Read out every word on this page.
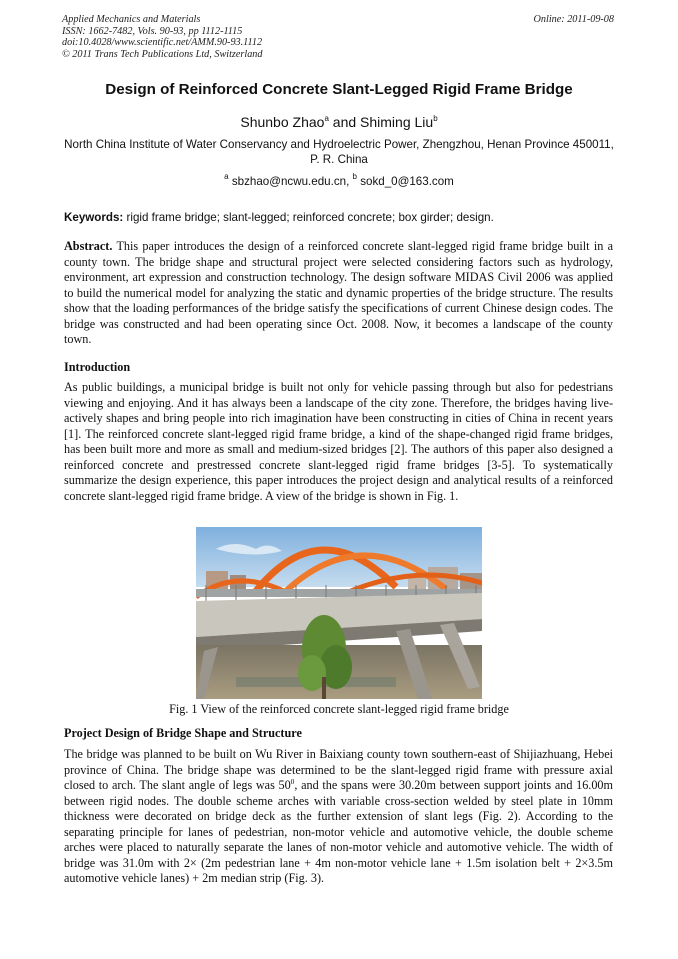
Applied Mechanics and Materials
ISSN: 1662-7482, Vols. 90-93, pp 1112-1115
doi:10.4028/www.scientific.net/AMM.90-93.1112
© 2011 Trans Tech Publications Ltd, Switzerland
Online: 2011-09-08
Design of Reinforced Concrete Slant-Legged Rigid Frame Bridge
Shunbo Zhao$^a$ and Shiming Liu$^b$
North China Institute of Water Conservancy and Hydroelectric Power, Zhengzhou, Henan Province 450011, P. R. China
$^a$ sbzhao@ncwu.edu.cn, $^b$ sokd_0@163.com
Keywords: rigid frame bridge; slant-legged; reinforced concrete; box girder; design.

Abstract. This paper introduces the design of a reinforced concrete slant-legged rigid frame bridge built in a county town. The bridge shape and structural project were selected considering factors such as hydrology, environment, art expression and construction technology. The design software MIDAS Civil 2006 was applied to build the numerical model for analyzing the static and dynamic properties of the bridge structure. The results show that the loading performances of the bridge satisfy the specifications of current Chinese design codes. The bridge was constructed and had been operating since Oct. 2008. Now, it becomes a landscape of the county town.

Introduction

As public buildings, a municipal bridge is built not only for vehicle passing through but also for pedestrians viewing and enjoying. And it has always been a landscape of the city zone. Therefore, the bridges having live-actively shapes and bring people into rich imagination have been constructing in cities of China in recent years [1]. The reinforced concrete slant-legged rigid frame bridge, a kind of the shape-changed rigid frame bridges, has been built more and more as small and medium-sized bridges [2]. The authors of this paper also designed a reinforced concrete and prestressed concrete slant-legged rigid frame bridges [3-5]. To systematically summarize the design experience, this paper introduces the project design and analytical results of a reinforced concrete slant-legged rigid frame bridge. A view of the bridge is shown in Fig. 1.

Fig. 1 View of the reinforced concrete slant-legged rigid frame bridge
Project Design of Bridge Shape and Structure

The bridge was planned to be built on Wu River in Baixiang county town southern-east of Shijiazhuang, Hebei province of China. The bridge shape was determined to be the slant-legged rigid frame with pressure axial closed to arch. The slant angle of legs was $50^0$, and the spans were 30.20m between support joints and 16.00m between rigid nodes. The double scheme arches with variable cross-section welded by steel plate in 10mm thickness were decorated on bridge deck as the further extension of slant legs (Fig. 2). According to the separating principle for lanes of pedestrian, non-motor vehicle and automotive vehicle, the double scheme arches were placed to naturally separate the lanes of non-motor vehicle and automotive vehicle. The width of bridge was 31.0m with 2× (2m pedestrian lane + 4m non-motor vehicle lane + 1.5m isolation belt + 2×3.5m automotive vehicle lanes) + 2m median strip (Fig. 3).
